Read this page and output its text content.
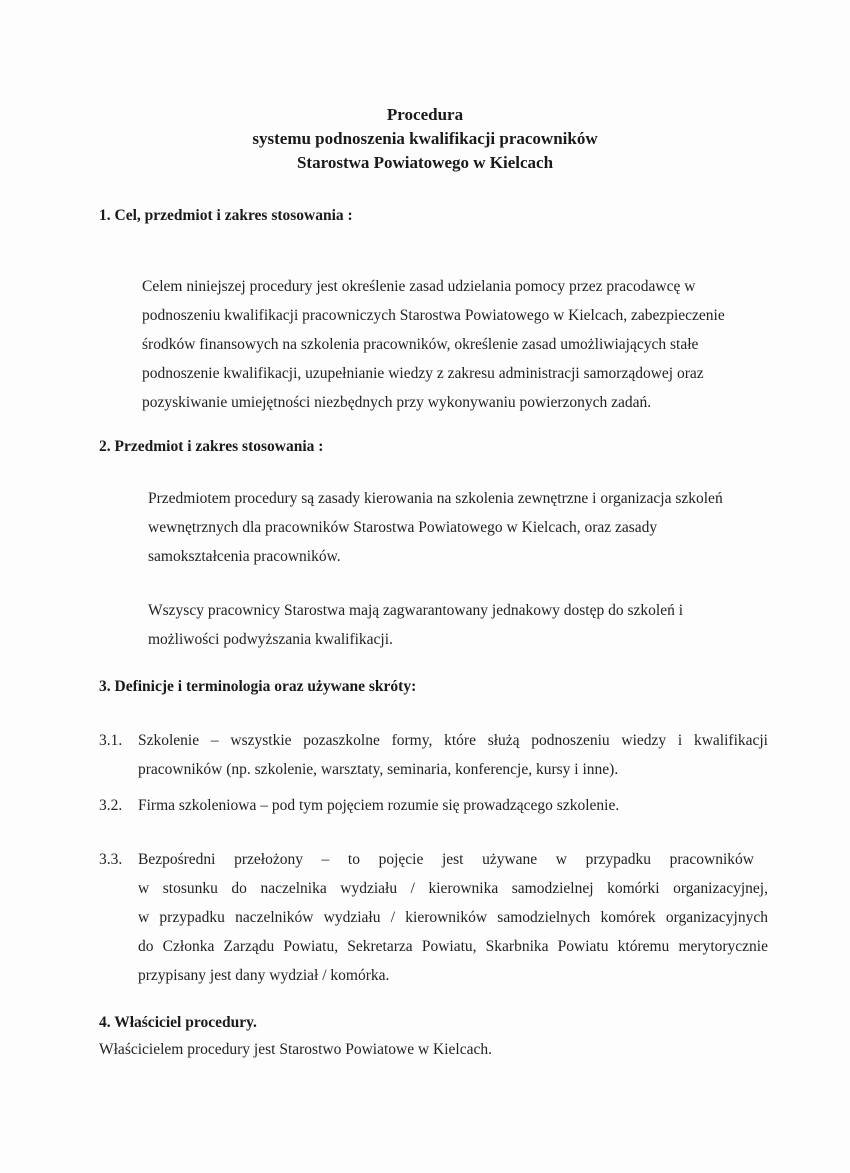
Procedura
systemu podnoszenia kwalifikacji pracowników
Starostwa Powiatowego w Kielcach
1. Cel, przedmiot i zakres stosowania :
Celem niniejszej procedury jest określenie zasad udzielania pomocy przez pracodawcę w
podnoszeniu kwalifikacji pracowniczych Starostwa Powiatowego w Kielcach, zabezpieczenie
środków finansowych na szkolenia pracowników, określenie zasad umożliwiających stałe
podnoszenie kwalifikacji, uzupełnianie wiedzy z zakresu administracji samorządowej oraz
pozyskiwanie umiejętności niezbędnych przy wykonywaniu powierzonych zadań.
2. Przedmiot i zakres stosowania :
Przedmiotem procedury są zasady kierowania na szkolenia zewnętrzne i organizacja szkoleń
wewnętrznych dla pracowników Starostwa Powiatowego w Kielcach, oraz zasady
samokształcenia pracowników.
Wszyscy pracownicy Starostwa mają zagwarantowany jednakowy dostęp do szkoleń i
możliwości podwyższania kwalifikacji.
3. Definicje i terminologia oraz używane skróty:
3.1. Szkolenie – wszystkie pozaszkolne formy, które służą podnoszeniu wiedzy i kwalifikacji
pracowników (np. szkolenie, warsztaty, seminaria, konferencje, kursy i inne).
3.2. Firma szkoleniowa – pod tym pojęciem rozumie się prowadzącego szkolenie.
3.3. Bezpośredni przełożony – to pojęcie jest używane w przypadku pracowników
w stosunku do naczelnika wydziału / kierownika samodzielnej komórki organizacyjnej,
w przypadku naczelników wydziału / kierowników samodzielnych komórek organizacyjnych
do Członka Zarządu Powiatu, Sekretarza Powiatu, Skarbnika Powiatu któremu merytorycznie
przypisany jest dany wydział / komórka.
4. Właściciel procedury.
Właścicielem procedury jest Starostwo Powiatowe w Kielcach.
